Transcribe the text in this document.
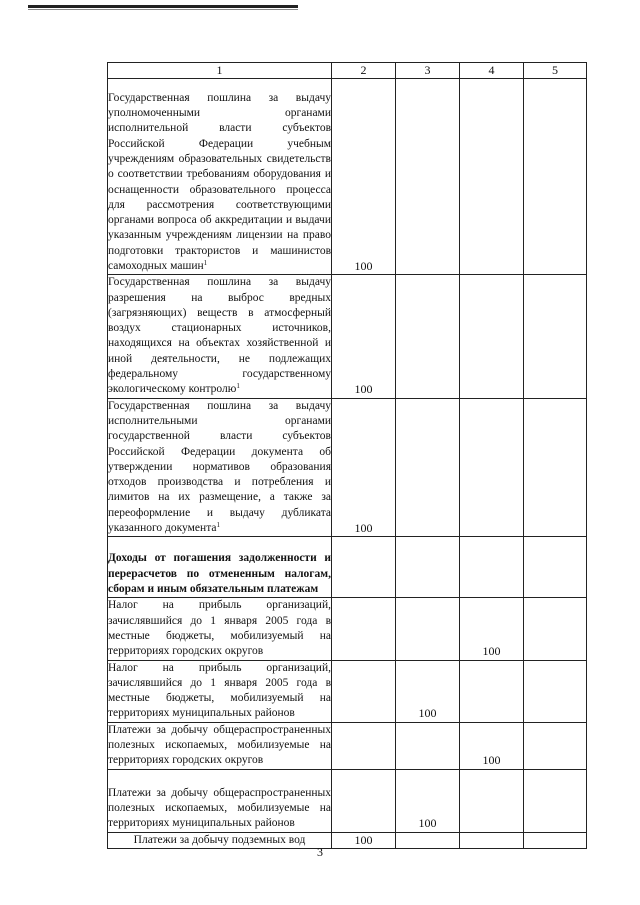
1	2	3	4	5
Государственная пошлина за выдачу уполномоченными органами исполнительной власти субъектов Российской Федерации учебным учреждениям образовательных свидетельств о соответствии требованиям оборудования и оснащенности образовательного процесса для рассмотрения соответствующими органами вопроса об аккредитации и выдачи указанным учреждениям лицензии на право подготовки трактористов и машинистов самоходных машин$^1$	100			
Государственная пошлина за выдачу разрешения на выброс вредных (загрязняющих) веществ в атмосферный воздух стационарных источников, находящихся на объектах хозяйственной и иной деятельности, не подлежащих федеральному государственному экологическому контролю$^1$	100			
Государственная пошлина за выдачу исполнительными органами государственной власти субъектов Российской Федерации документа об утверждении нормативов образования отходов производства и потребления и лимитов на их размещение, а также за переоформление и выдачу дубликата указанного документа$^1$	100			
Доходы от погашения задолженности и перерасчетов по отмененным налогам, сборам и иным обязательным платежам				
Налог на прибыль организаций, зачислявшийся до 1 января 2005 года в местные бюджеты, мобилизуемый на территориях городских округов			100	
Налог на прибыль организаций, зачислявшийся до 1 января 2005 года в местные бюджеты, мобилизуемый на территориях муниципальных районов		100		
Платежи за добычу общераспространенных полезных ископаемых, мобилизуемые на территориях городских округов			100	
Платежи за добычу общераспространенных полезных ископаемых, мобилизуемые на территориях муниципальных районов		100		
Платежи за добычу подземных вод	100			
3
